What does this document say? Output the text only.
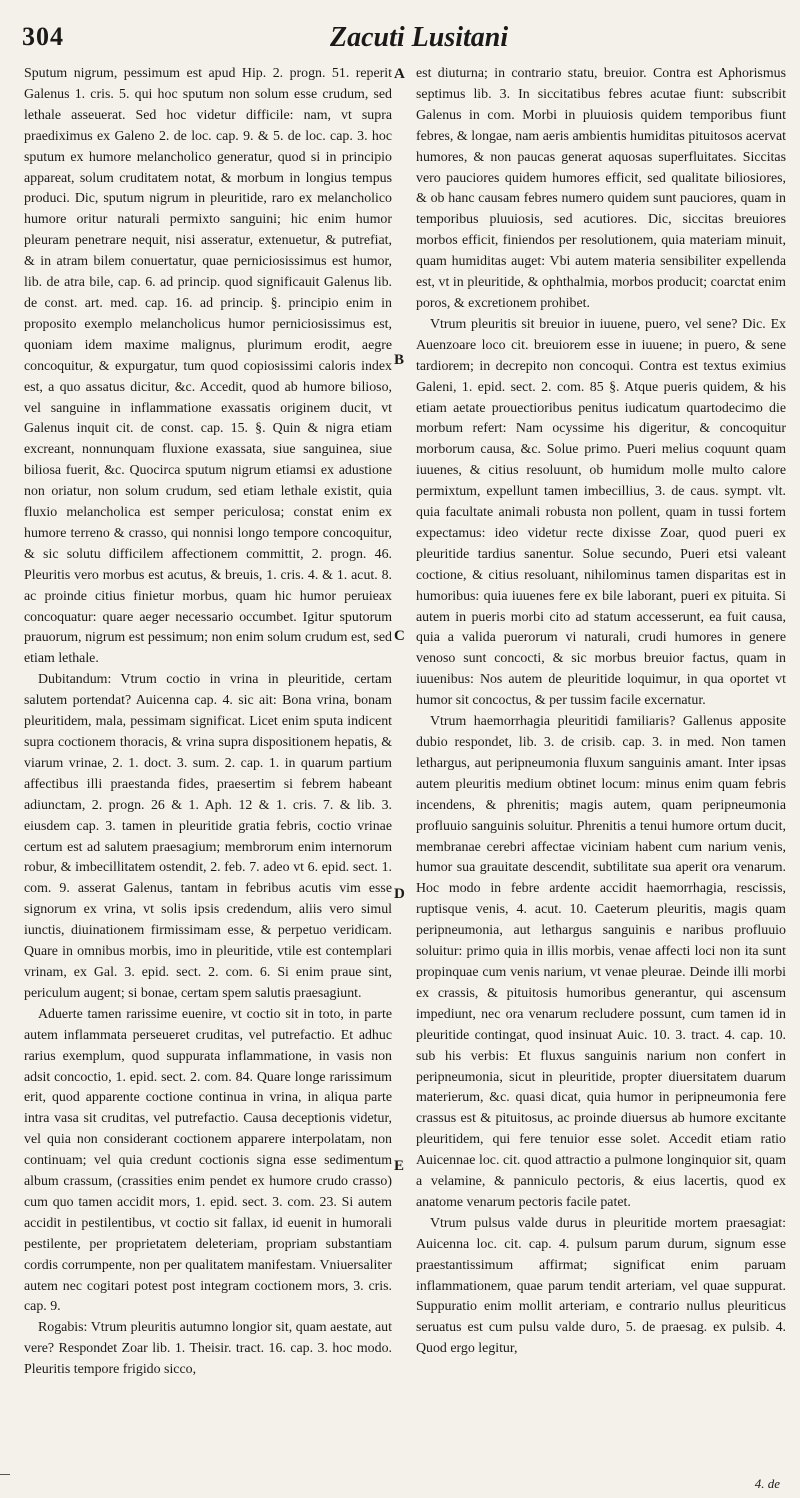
304	Zacuti Lusitani

Sputum nigrum, pessimum est apud Hip. 2. progn. 51. reperit Galenus 1. cris. 5. qui hoc sputum non solum esse crudum, sed lethale asseuerat. Sed hoc videtur difficile: nam, vt supra praediximus ex Galeno 2. de loc. cap. 9. & 5. de loc. cap. 3. hoc sputum ex humore melancholico generatur, quod si in principio appareat, solum cruditatem notat, & morbum in longius tempus produci. Dic, sputum nigrum in pleuritide, raro ex melancholico humore oritur naturali permixto sanguini; hic enim humor pleuram penetrare nequit, nisi asseratur, extenuetur, & putrefiat, & in atram bilem conuertatur, quae perniciosissimus est humor, lib. de atra bile, cap. 6. ad princip. quod significauit Galenus lib. de const. art. med. cap. 16. ad princip. §. principio enim in proposito exemplo melancholicus humor perniciosissimus est, quoniam idem maxime malignus, plurimum erodit, aegre concoquitur, & expurgatur, tum quod copiosissimi caloris index est, a quo assatus dicitur, &c. Accedit, quod ab humore bilioso, vel sanguine in inflammatione exassatis originem ducit, vt Galenus inquit cit. de const. cap. 15. §. Quin & nigra etiam excreant, nonnunquam fluxione exassata, siue sanguinea, siue biliosa fuerit, &c. Quocirca sputum nigrum etiamsi ex adustione non oriatur, non solum crudum, sed etiam lethale existit, quia fluxio melancholica est semper periculosa; constat enim ex humore terreno & crasso, qui nonnisi longo tempore concoquitur, & sic solutu difficilem affectionem committit, 2. progn. 46. Pleuritis vero morbus est acutus, & breuis, 1. cris. 4. & 1. acut. 8. ac proinde citius finietur morbus, quam hic humor peruieax concoquatur: quare aeger necessario occumbet. Igitur sputorum prauorum, nigrum est pessimum; non enim solum crudum est, sed etiam lethale.

Dubitandum: Vtrum coctio in vrina in pleuritide, certam salutem portendat? Auicenna cap. 4. sic ait: Bona vrina, bonam pleuritidem, mala, pessimam significat. Licet enim sputa indicent supra coctionem thoracis, & vrina supra dispositionem hepatis, & viarum vrinae, 2. 1. doct. 3. sum. 2. cap. 1. in quarum partium affectibus illi praestanda fides, praesertim si febrem habeant adiunctam, 2. progn. 26 & 1. Aph. 12 & 1. cris. 7. & lib. 3. eiusdem cap. 3. tamen in pleuritide gratia febris, coctio vrinae certum est ad salutem praesagium; membrorum enim internorum robur, & imbecillitatem ostendit, 2. feb. 7. adeo vt 6. epid. sect. 1. com. 9. asserat Galenus, tantam in febribus acutis vim esse signorum ex vrina, vt solis ipsis credendum, aliis vero simul iunctis, diuinationem firmissimam esse, & perpetuo veridicam. Quare in omnibus morbis, imo in pleuritide, vtile est contemplari vrinam, ex Gal. 3. epid. sect. 2. com. 6. Si enim praue sint, periculum augent; si bonae, certam spem salutis praesagiunt.

Aduerte tamen rarissime euenire, vt coctio sit in toto, in parte autem inflammata perseueret cruditas, vel putrefactio. Et adhuc rarius exemplum, quod suppurata inflammatione, in vasis non adsit concoctio, 1. epid. sect. 2. com. 84. Quare longe rarissimum erit, quod apparente coctione continua in vrina, in aliqua parte intra vasa sit cruditas, vel putrefactio. Causa deceptionis videtur, vel quia non considerant coctionem apparere interpolatam, non continuam; vel quia credunt coctionis signa esse sedimentum album crassum, (crassities enim pendet ex humore crudo crasso) cum quo tamen accidit mors, 1. epid. sect. 3. com. 23. Si autem accidit in pestilentibus, vt coctio sit fallax, id euenit in humorali pestilente, per proprietatem deleteriam, propriam substantiam cordis corrumpente, non per qualitatem manifestam. Vniuersaliter autem nec cogitari potest post integram coctionem mors, 3. cris. cap. 9.

Rogabis: Vtrum pleuritis autumno longior sit, quam aestate, aut vere? Respondet Zoar lib. 1. Theisir. tract. 16. cap. 3. hoc modo. Pleuritis tempore frigido sicco,

est diuturna; in contrario statu, breuior. Contra est Aphorismus septimus lib. 3. In siccitatibus febres acutae fiunt: subscribit Galenus in com. Morbi in pluuiosis quidem temporibus fiunt febres, & longae, nam aeris ambientis humiditas pituitosos acervat humores, & non paucas generat aquosas superfluitates. Siccitas vero pauciores quidem humores efficit, sed qualitate biliosiores, & ob hanc causam febres numero quidem sunt pauciores, quam in temporibus pluuiosis, sed acutiores. Dic, siccitas breuiores morbos efficit, finiendos per resolutionem, quia materiam minuit, quam humiditas auget: Vbi autem materia sensibiliter expellenda est, vt in pleuritide, & ophthalmia, morbos producit; coarctat enim poros, & excretionem prohibet.

Vtrum pleuritis sit breuior in iuuene, puero, vel sene? Dic. Ex Auenzoare loco cit. breuiorem esse in iuuene; in puero, & sene tardiorem; in decrepito non concoqui. Contra est textus eximius Galeni, 1. epid. sect. 2. com. 85 §. Atque pueris quidem, & his etiam aetate prouectioribus penitus iudicatum quartodecimo die morbum refert: Nam ocyssime his digeritur, & concoquitur morborum causa, &c. Solue primo. Pueri melius coquunt quam iuuenes, & citius resoluunt, ob humidum molle multo calore permixtum, expellunt tamen imbecillius, 3. de caus. sympt. vlt. quia facultate animali robusta non pollent, quam in tussi fortem expectamus: ideo videtur recte dixisse Zoar, quod pueri ex pleuritide tardius sanentur. Solue secundo, Pueri etsi valeant coctione, & citius resoluant, nihilominus tamen disparitas est in humoribus: quia iuuenes fere ex bile laborant, pueri ex pituita. Si autem in pueris morbi cito ad statum accesserunt, ea fuit causa, quia a valida puerorum vi naturali, crudi humores in genere venoso sunt concocti, & sic morbus breuior factus, quam in iuuenibus: Nos autem de pleuritide loquimur, in qua oportet vt humor sit concoctus, & per tussim facile excernatur.

Vtrum haemorrhagia pleuritidi familiaris? Gallenus apposite dubio respondet, lib. 3. de crisib. cap. 3. in med. Non tamen lethargus, aut peripneumonia fluxum sanguinis amant. Inter ipsas autem pleuritis medium obtinet locum: minus enim quam febris incendens, & phrenitis; magis autem, quam peripneumonia profluuio sanguinis soluitur. Phrenitis a tenui humore ortum ducit, membranae cerebri affectae viciniam habent cum narium venis, humor sua grauitate descendit, subtilitate sua aperit ora venarum. Hoc modo in febre ardente accidit haemorrhagia, rescissis, ruptisque venis, 4. acut. 10. Caeterum pleuritis, magis quam peripneumonia, aut lethargus sanguinis e naribus profluuio soluitur: primo quia in illis morbis, venae affecti loci non ita sunt propinquae cum venis narium, vt venae pleurae. Deinde illi morbi ex crassis, & pituitosis humoribus generantur, qui ascensum impediunt, nec ora venarum recludere possunt, cum tamen id in pleuritide contingat, quod insinuat Auic. 10. 3. tract. 4. cap. 10. sub his verbis: Et fluxus sanguinis narium non confert in peripneumonia, sicut in pleuritide, propter diuersitatem duarum materierum, &c. quasi dicat, quia humor in peripneumonia fere crassus est & pituitosus, ac proinde diuersus ab humore excitante pleuritidem, qui fere tenuior esse solet. Accedit etiam ratio Auicennae loc. cit. quod attractio a pulmone longinquior sit, quam a velamine, & panniculo pectoris, & eius lacertis, quod ex anatome venarum pectoris facile patet.

Vtrum pulsus valde durus in pleuritide mortem praesagiat: Auicenna loc. cit. cap. 4. pulsum parum durum, signum esse praestantissimum affirmat; significat enim paruam inflammationem, quae parum tendit arteriam, vel quae suppurat. Suppuratio enim mollit arteriam, e contrario nullus pleuriticus seruatus est cum pulsu valde duro, 5. de praesag. ex pulsib. 4. Quod ergo legitur,

A
B
C
D
E
4. de
